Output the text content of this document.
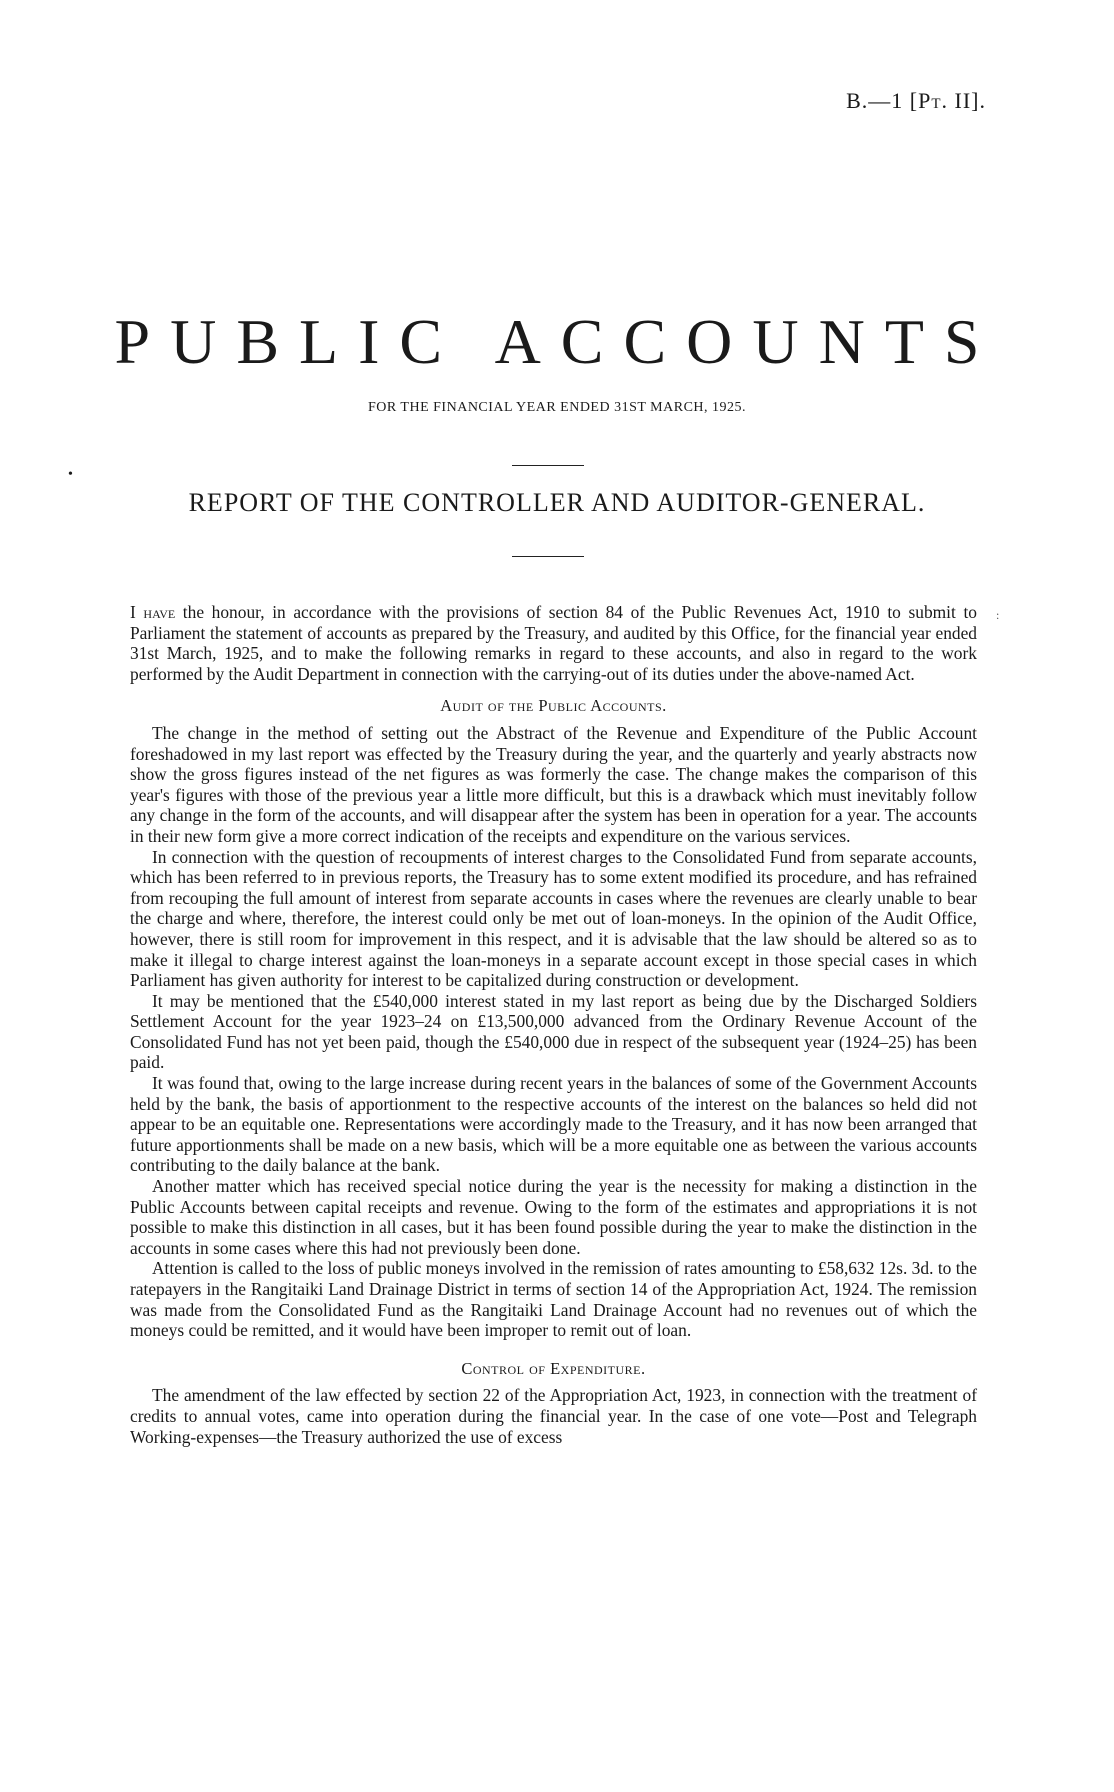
B.—1 [Pt. II].
PUBLIC ACCOUNTS
FOR THE FINANCIAL YEAR ENDED 31ST MARCH, 1925.
•
REPORT OF THE CONTROLLER AND AUDITOR-GENERAL.
:

I have the honour, in accordance with the provisions of section 84 of the Public Revenues Act, 1910 to submit to Parliament the statement of accounts as prepared by the Treasury, and audited by this Office, for the financial year ended 31st March, 1925, and to make the following remarks in regard to these accounts, and also in regard to the work performed by the Audit Department in connection with the carrying-out of its duties under the above-named Act.

Audit of the Public Accounts.

The change in the method of setting out the Abstract of the Revenue and Expenditure of the Public Account foreshadowed in my last report was effected by the Treasury during the year, and the quarterly and yearly abstracts now show the gross figures instead of the net figures as was formerly the case. The change makes the comparison of this year's figures with those of the previous year a little more difficult, but this is a drawback which must inevitably follow any change in the form of the accounts, and will disappear after the system has been in operation for a year. The accounts in their new form give a more correct indication of the receipts and expenditure on the various services.

In connection with the question of recoupments of interest charges to the Consolidated Fund from separate accounts, which has been referred to in previous reports, the Treasury has to some extent modified its procedure, and has refrained from recouping the full amount of interest from separate accounts in cases where the revenues are clearly unable to bear the charge and where, therefore, the interest could only be met out of loan-moneys. In the opinion of the Audit Office, however, there is still room for improvement in this respect, and it is advisable that the law should be altered so as to make it illegal to charge interest against the loan-moneys in a separate account except in those special cases in which Parliament has given authority for interest to be capitalized during construction or development.

It may be mentioned that the £540,000 interest stated in my last report as being due by the Discharged Soldiers Settlement Account for the year 1923–24 on £13,500,000 advanced from the Ordinary Revenue Account of the Consolidated Fund has not yet been paid, though the £540,000 due in respect of the subsequent year (1924–25) has been paid.

It was found that, owing to the large increase during recent years in the balances of some of the Government Accounts held by the bank, the basis of apportionment to the respective accounts of the interest on the balances so held did not appear to be an equitable one. Representations were accordingly made to the Treasury, and it has now been arranged that future apportionments shall be made on a new basis, which will be a more equitable one as between the various accounts contributing to the daily balance at the bank.

Another matter which has received special notice during the year is the necessity for making a distinction in the Public Accounts between capital receipts and revenue. Owing to the form of the estimates and appropriations it is not possible to make this distinction in all cases, but it has been found possible during the year to make the distinction in the accounts in some cases where this had not previously been done.

Attention is called to the loss of public moneys involved in the remission of rates amounting to £58,632 12s. 3d. to the ratepayers in the Rangitaiki Land Drainage District in terms of section 14 of the Appropriation Act, 1924. The remission was made from the Consolidated Fund as the Rangitaiki Land Drainage Account had no revenues out of which the moneys could be remitted, and it would have been improper to remit out of loan.

Control of Expenditure.

The amendment of the law effected by section 22 of the Appropriation Act, 1923, in connection with the treatment of credits to annual votes, came into operation during the financial year. In the case of one vote—Post and Telegraph Working-expenses—the Treasury authorized the use of excess
